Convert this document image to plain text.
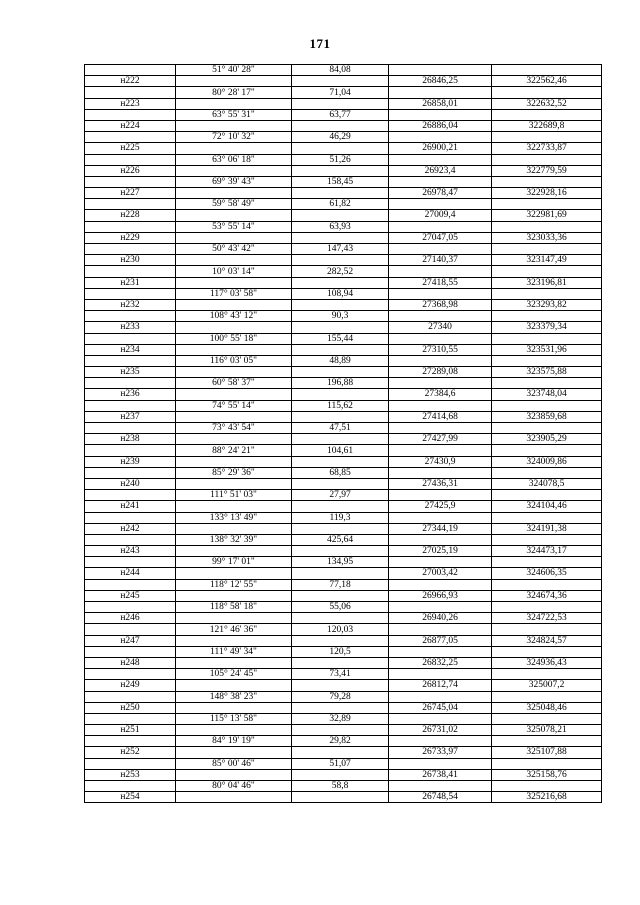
171
	51° 40' 28"	84,08		
н222			26846,25	322562,46
	80° 28' 17"	71,04		
н223			26858,01	322632,52
	63° 55' 31"	63,77		
н224			26886,04	322689,8
	72° 10' 32"	46,29		
н225			26900,21	322733,87
	63° 06' 18"	51,26		
н226			26923,4	322779,59
	69° 39' 43"	158,45		
н227			26978,47	322928,16
	59° 58' 49"	61,82		
н228			27009,4	322981,69
	53° 55' 14"	63,93		
н229			27047,05	323033,36
	50° 43' 42"	147,43		
н230			27140,37	323147,49
	10° 03' 14"	282,52		
н231			27418,55	323196,81
	117° 03' 58"	108,94		
н232			27368,98	323293,82
	108° 43' 12"	90,3		
н233			27340	323379,34
	100° 55' 18"	155,44		
н234			27310,55	323531,96
	116° 03' 05"	48,89		
н235			27289,08	323575,88
	60° 58' 37"	196,88		
н236			27384,6	323748,04
	74° 55' 14"	115,62		
н237			27414,68	323859,68
	73° 43' 54"	47,51		
н238			27427,99	323905,29
	88° 24' 21"	104,61		
н239			27430,9	324009,86
	85° 29' 36"	68,85		
н240			27436,31	324078,5
	111° 51' 03"	27,97		
н241			27425,9	324104,46
	133° 13' 49"	119,3		
н242			27344,19	324191,38
	138° 32' 39"	425,64		
н243			27025,19	324473,17
	99° 17' 01"	134,95		
н244			27003,42	324606,35
	118° 12' 55"	77,18		
н245			26966,93	324674,36
	118° 58' 18"	55,06		
н246			26940,26	324722,53
	121° 46' 36"	120,03		
н247			26877,05	324824,57
	111° 49' 34"	120,5		
н248			26832,25	324936,43
	105° 24' 45"	73,41		
н249			26812,74	325007,2
	148° 38' 23"	79,28		
н250			26745,04	325048,46
	115° 13' 58"	32,89		
н251			26731,02	325078,21
	84° 19' 19"	29,82		
н252			26733,97	325107,88
	85° 00' 46"	51,07		
н253			26738,41	325158,76
	80° 04' 46"	58,8		
н254			26748,54	325216,68
